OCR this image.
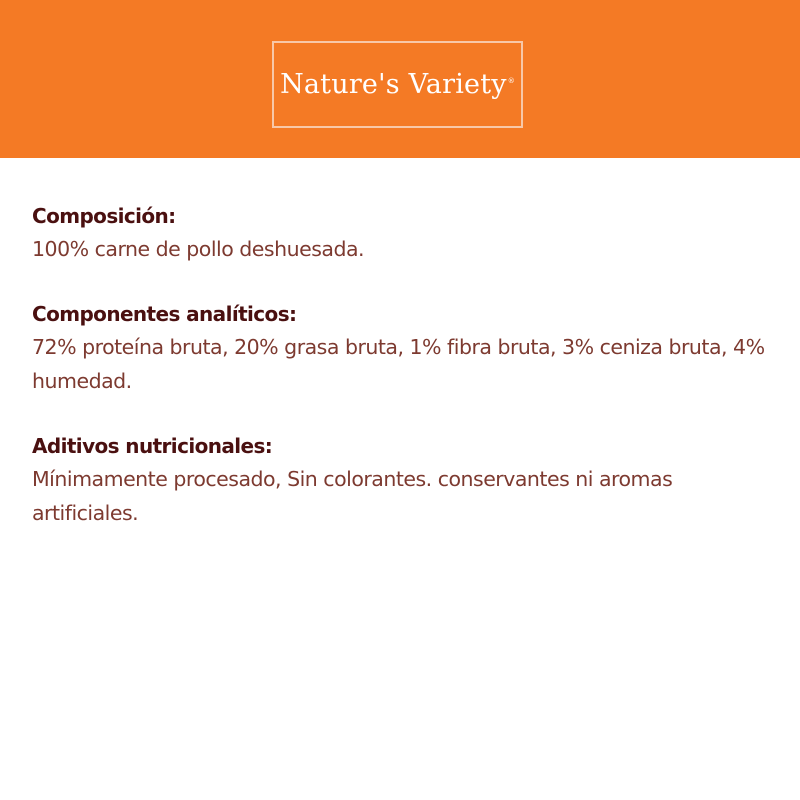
Nature's Variety®
Composición:
100% carne de pollo deshuesada.
Componentes analíticos:
72% proteína bruta, 20% grasa bruta, 1% fibra bruta, 3% ceniza bruta, 4% humedad.
Aditivos nutricionales:
Mínimamente procesado, Sin colorantes. conservantes ni aromas artificiales.
